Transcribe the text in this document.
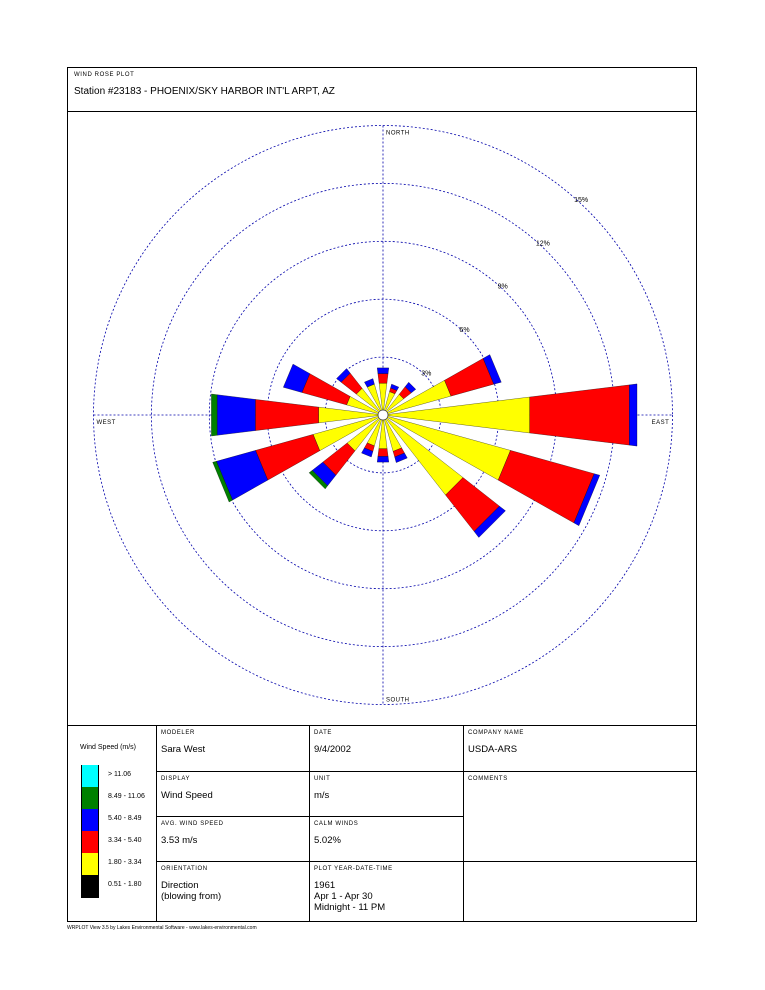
WIND ROSE PLOT
Station #23183 - PHOENIX/SKY HARBOR INT'L ARPT, AZ
3%
6%
9%
12%
15%
NORTH
SOUTH
EAST
WEST
Wind Speed (m/s)
> 11.06
8.49 - 11.06
5.40 - 8.49
3.34 - 5.40
1.80 - 3.34
0.51 - 1.80
MODELER
Sara West
DATE
9/4/2002
COMPANY NAME
USDA-ARS
DISPLAY
Wind Speed
UNIT
m/s
COMMENTS
AVG. WIND SPEED
3.53 m/s
CALM WINDS
5.02%
ORIENTATION
Direction
(blowing from)
PLOT YEAR-DATE-TIME
1961
Apr 1 - Apr 30
Midnight - 11 PM
WRPLOT View 3.5 by Lakes Environmental Software - www.lakes-environmental.com
